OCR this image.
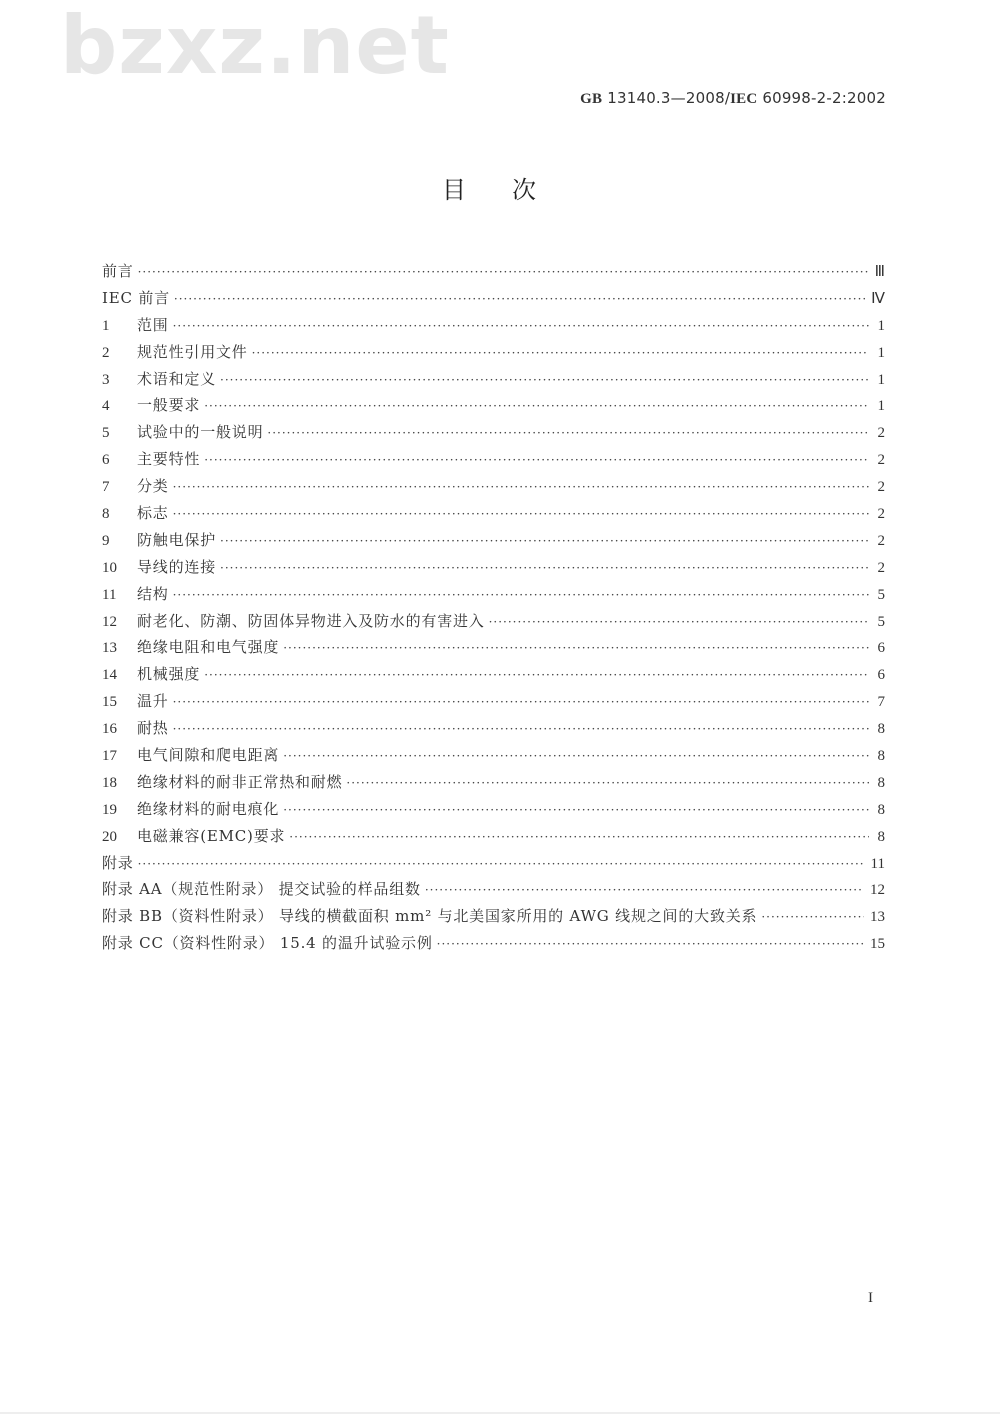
bzxz.net
GB 13140.3—2008/IEC 60998-2-2:2002
目次
前言 ·····	Ⅲ
IEC 前言 ·····	Ⅳ
1	范围 ·····	1
2	规范性引用文件 ·····	1
3	术语和定义 ·····	1
4	一般要求 ·····	1
5	试验中的一般说明 ·····	2
6	主要特性 ·····	2
7	分类 ·····	2
8	标志 ·····	2
9	防触电保护 ·····	2
10	导线的连接 ·····	2
11	结构 ·····	5
12	耐老化、防潮、防固体异物进入及防水的有害进入 ·····	5
13	绝缘电阻和电气强度 ·····	6
14	机械强度 ·····	6
15	温升 ·····	7
16	耐热 ·····	8
17	电气间隙和爬电距离 ·····	8
18	绝缘材料的耐非正常热和耐燃 ·····	8
19	绝缘材料的耐电痕化 ·····	8
20	电磁兼容(EMC)要求 ·····	8
附录 ·····	11
附录 AA（规范性附录） 提交试验的样品组数 ·····	12
附录 BB（资料性附录） 导线的横截面积 mm² 与北美国家所用的 AWG 线规之间的大致关系 ·····	13
附录 CC（资料性附录） 15.4 的温升试验示例 ·····	15
I
